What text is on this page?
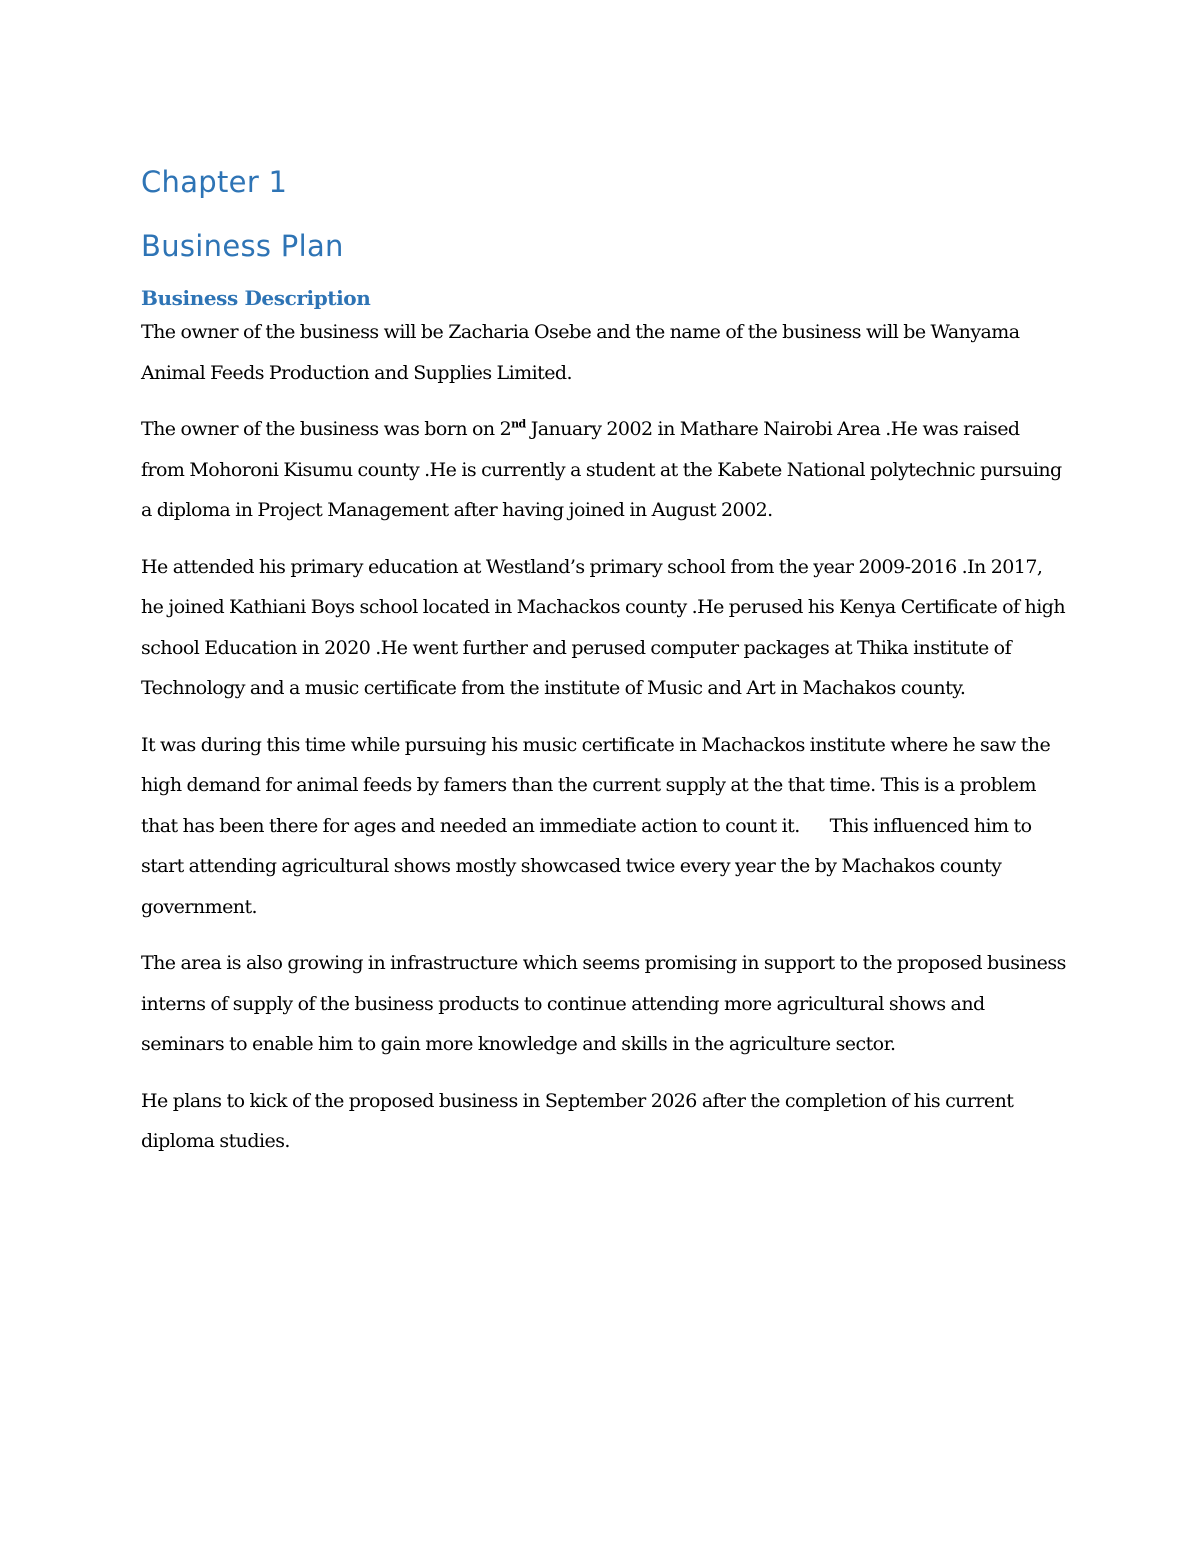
Chapter 1
Business Plan
Business Description

The owner of the business will be Zacharia Osebe and the name of the business will be Wanyama Animal Feeds Production and Supplies Limited.

The owner of the business was born on 2nd January 2002 in Mathare Nairobi Area .He was raised from Mohoroni Kisumu county .He is currently a student at the Kabete National polytechnic pursuing a diploma in Project Management after having joined in August 2002.

He attended his primary education at Westland’s primary school from the year 2009-2016 .In 2017, he joined Kathiani Boys school located in Machackos county .He perused his Kenya Certificate of high school Education in 2020 .He went further and perused computer packages at Thika institute of Technology and a music certificate from the institute of Music and Art in Machakos county.

It was during this time while pursuing his music certificate in Machackos institute where he saw the high demand for animal feeds by famers than the current supply at the that time. This is a problem that has been there for ages and needed an immediate action to count it.      This influenced him to start attending agricultural shows mostly showcased twice every year the by Machakos county government.

The area is also growing in infrastructure which seems promising in support to the proposed business interns of supply of the business products to continue attending more agricultural shows and seminars to enable him to gain more knowledge and skills in the agriculture sector.

He plans to kick of the proposed business in September 2026 after the completion of his current diploma studies.
